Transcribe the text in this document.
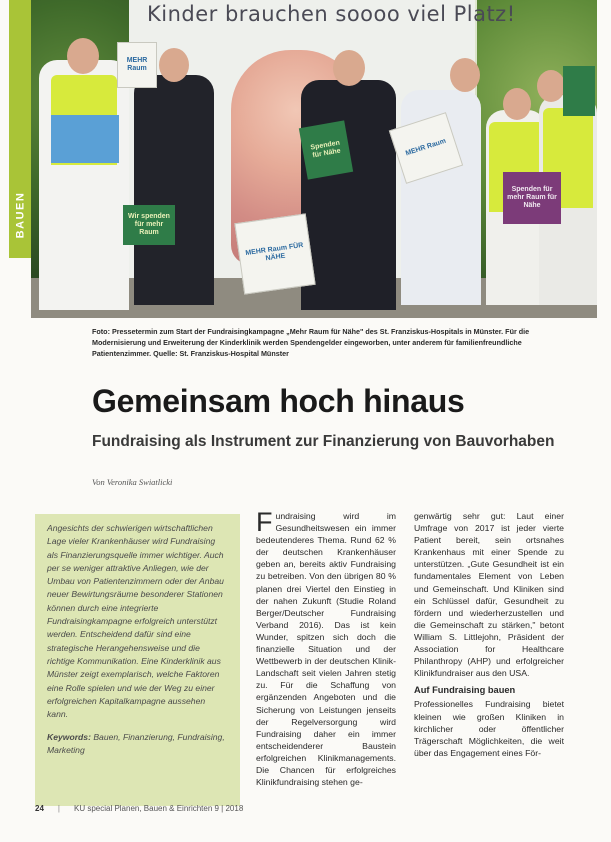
BAUEN
Kinder brauchen soooo viel Platz!
MEHR Raum
MEHR Raum FÜR NÄHE
Spenden für Nähe
Wir spenden für mehr Raum
MEHR Raum
Spenden für mehr Raum für Nähe
Foto: Pressetermin zum Start der Fundraisingkampagne „Mehr Raum für Nähe" des St. Franziskus-Hospitals in Münster. Für die Modernisierung und Erweiterung der Kinderklinik werden Spendengelder eingeworben, unter anderem für familienfreundliche Patientenzimmer. Quelle: St. Franziskus-Hospital Münster
Gemeinsam hoch hinaus
Fundraising als Instrument zur Finanzierung von Bauvorhaben
Von Veronika Swiatlicki

Angesichts der schwierigen wirtschaftlichen Lage vieler Krankenhäuser wird Fundraising als Finanzierungsquelle immer wichtiger. Auch per se weniger attraktive Anliegen, wie der Umbau von Patientenzimmern oder der Anbau neuer Bewirtungsräume besonderer Stationen können durch eine integrierte Fundraisingkampagne erfolgreich unterstützt werden. Entscheidend dafür sind eine strategische Herangehensweise und die richtige Kommunikation. Eine Kinderklinik aus Münster zeigt exemplarisch, welche Faktoren eine Rolle spielen und wie der Weg zu einer erfolgreichen Kapitalkampagne aussehen kann.

Keywords: Bauen, Finanzierung, Fundraising, Marketing
F undraising wird im Gesundheitswesen ein immer bedeutenderes Thema. Rund 62 % der deutschen Krankenhäuser geben an, bereits aktiv Fundraising zu betreiben. Von den übrigen 80 % planen drei Viertel den Einstieg in der nahen Zukunft (Studie Roland Berger/Deutscher Fundraising Verband 2016). Das ist kein Wunder, spitzen sich doch die finanzielle Situation und der Wettbewerb in der deutschen Klinik-Landschaft seit vielen Jahren stetig zu. Für die Schaffung von ergänzenden Angeboten und die Sicherung von Leistungen jenseits der Regelversorgung wird Fundraising daher ein immer entscheidenderer Baustein erfolgreichen Klinikmanagements. Die Chancen für erfolgreiches Klinikfundraising stehen ge-

genwärtig sehr gut: Laut einer Umfrage von 2017 ist jeder vierte Patient bereit, sein ortsnahes Krankenhaus mit einer Spende zu unterstützen. „Gute Gesundheit ist ein fundamentales Element von Leben und Gemeinschaft. Und Kliniken sind ein Schlüssel dafür, Gesundheit zu fördern und wiederherzustellen und die Gemeinschaft zu stärken," betont William S. Littlejohn, Präsident der Association for Healthcare Philanthropy (AHP) und erfolgreicher Klinikfundraiser aus den USA.

Auf Fundraising bauen

Professionelles Fundraising bietet kleinen wie großen Kliniken in kirchlicher oder öffentlicher Trägerschaft Möglichkeiten, die weit über das Engagement eines För-

24 | KU special Planen, Bauen & Einrichten 9 | 2018
